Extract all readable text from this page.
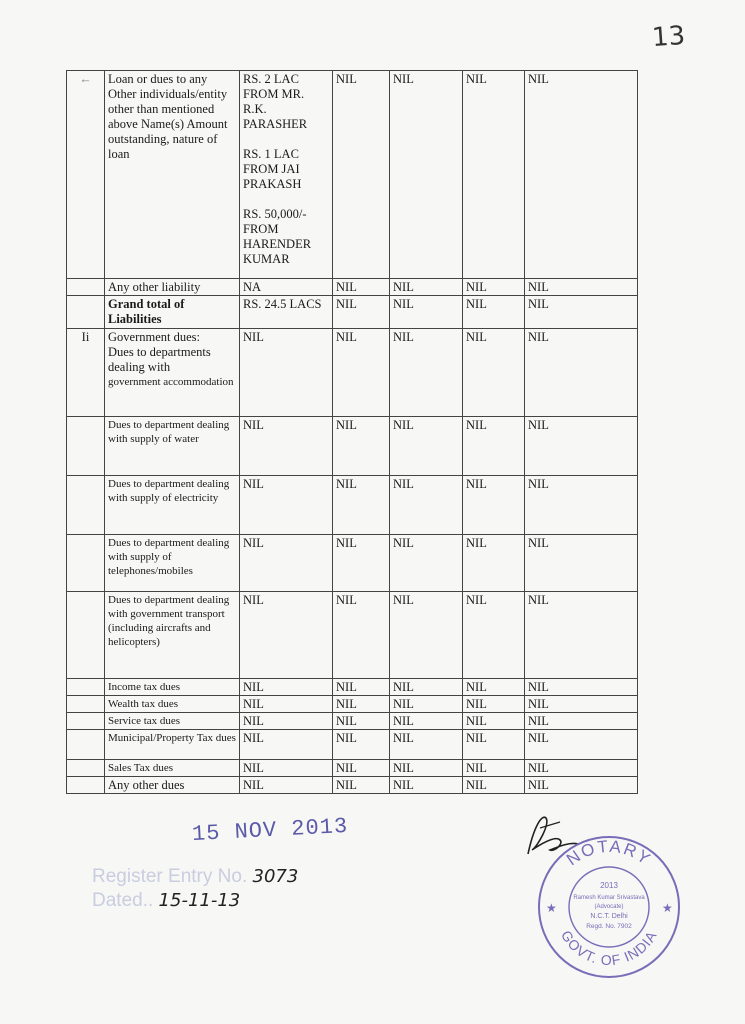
13
←	Loan or dues to any Other individuals/entity other than mentioned above Name(s) Amount outstanding, nature of loan	RS. 2 LAC FROM MR. R.K. PARASHER
RS. 1 LAC FROM JAI PRAKASH
RS. 50,000/- FROM HARENDER KUMAR	NIL	NIL	NIL	NIL
	Any other liability	NA	NIL	NIL	NIL	NIL
	Grand total of Liabilities	RS. 24.5 LACS	NIL	NIL	NIL	NIL
Ii	Government dues:
Dues to departments dealing with
government accommodation	NIL	NIL	NIL	NIL	NIL
	Dues to department dealing with supply of water	NIL	NIL	NIL	NIL	NIL
	Dues to department dealing with supply of electricity	NIL	NIL	NIL	NIL	NIL
	Dues to department dealing with supply of telephones/mobiles	NIL	NIL	NIL	NIL	NIL
	Dues to department dealing with government transport (including aircrafts and helicopters)	NIL	NIL	NIL	NIL	NIL
	Income tax dues	NIL	NIL	NIL	NIL	NIL
	Wealth tax dues	NIL	NIL	NIL	NIL	NIL
	Service tax dues	NIL	NIL	NIL	NIL	NIL
	Municipal/Property Tax dues	NIL	NIL	NIL	NIL	NIL
	Sales Tax dues	NIL	NIL	NIL	NIL	NIL
	Any other dues	NIL	NIL	NIL	NIL	NIL
15 NOV 2013
Register Entry No. 3073
Dated.. 15-11-13
NOTARY
GOVT. OF INDIA
2013
Ramesh Kumar Srivastava
(Advocate)
N.C.T. Delhi
Regd. No. 7902
★	★
